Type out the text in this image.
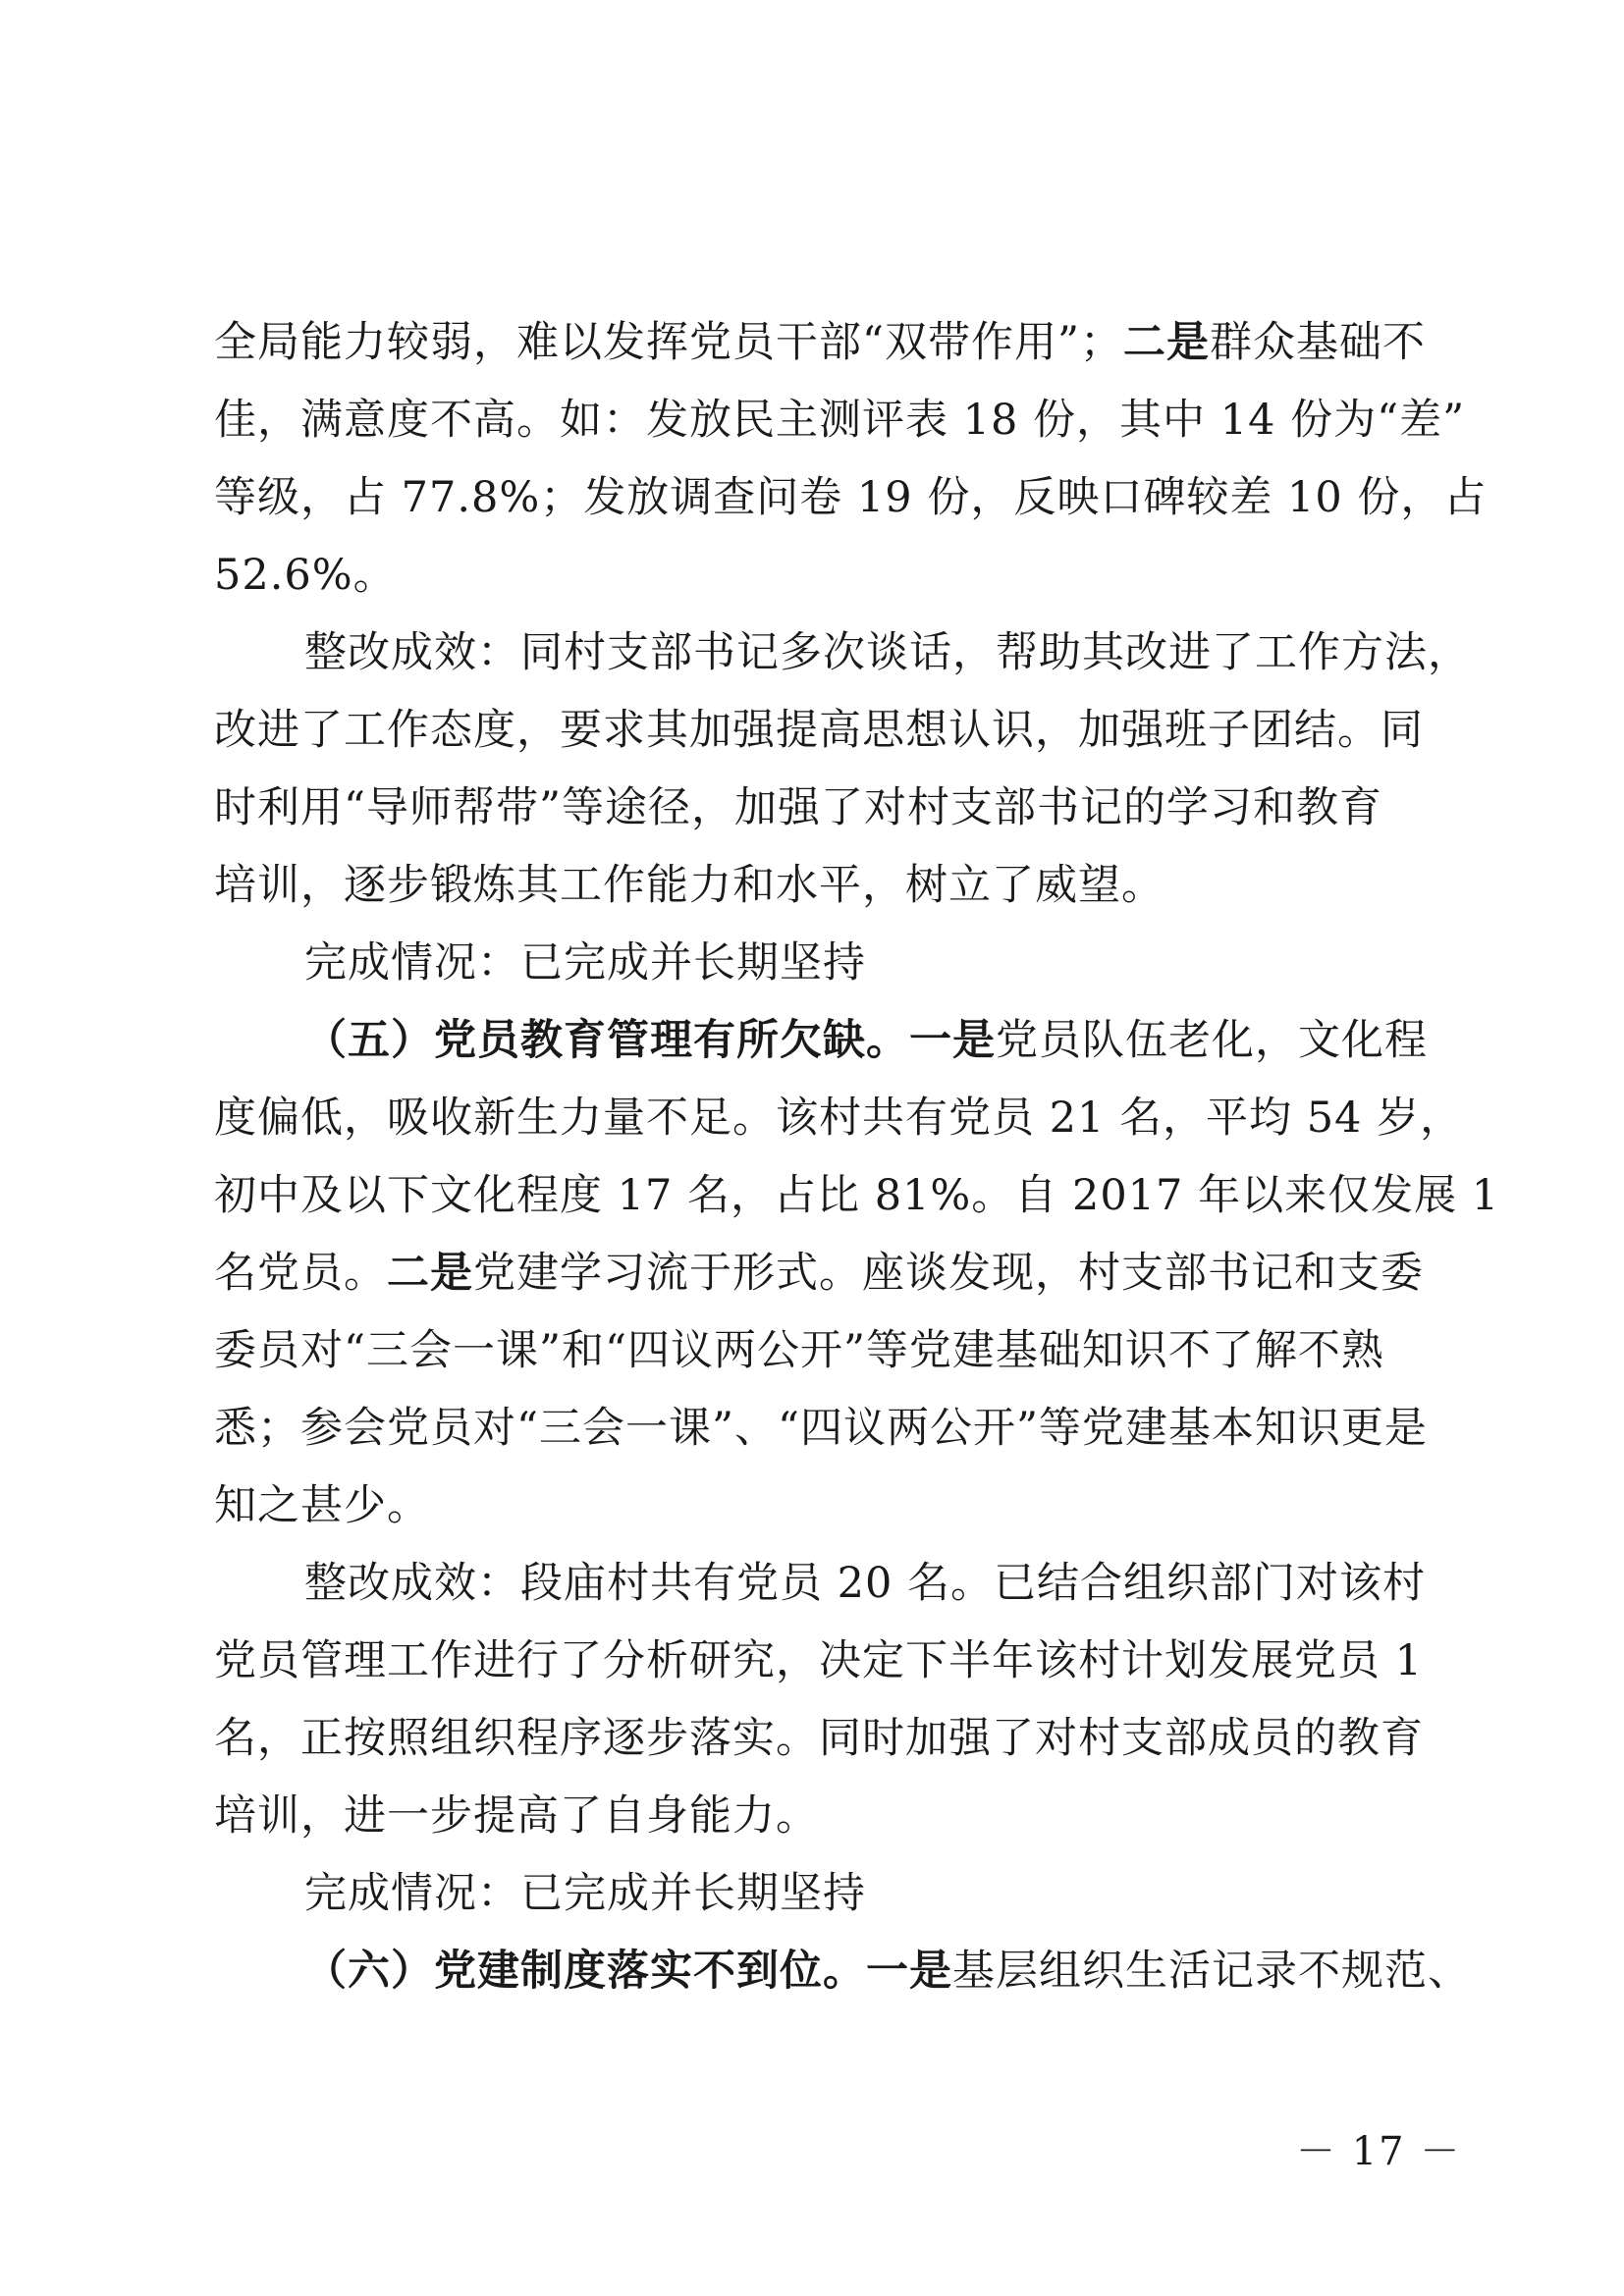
全局能力较弱，难以发挥党员干部“双带作用”；二是群众基础不
佳，满意度不高。如：发放民主测评表 18 份，其中 14 份为“差”
等级，占 77.8%；发放调查问卷 19 份，反映口碑较差 10 份，占
52.6%。
整改成效：同村支部书记多次谈话，帮助其改进了工作方法，
改进了工作态度，要求其加强提高思想认识，加强班子团结。同
时利用“导师帮带”等途径，加强了对村支部书记的学习和教育
培训，逐步锻炼其工作能力和水平，树立了威望。
完成情况：已完成并长期坚持
（五）党员教育管理有所欠缺。一是党员队伍老化，文化程
度偏低，吸收新生力量不足。该村共有党员 21 名，平均 54 岁，
初中及以下文化程度 17 名，占比 81%。自 2017 年以来仅发展 1
名党员。二是党建学习流于形式。座谈发现，村支部书记和支委
委员对“三会一课”和“四议两公开”等党建基础知识不了解不熟
悉；参会党员对“三会一课”、“四议两公开”等党建基本知识更是
知之甚少。
整改成效：段庙村共有党员 20 名。已结合组织部门对该村
党员管理工作进行了分析研究，决定下半年该村计划发展党员 1
名，正按照组织程序逐步落实。同时加强了对村支部成员的教育
培训，进一步提高了自身能力。
完成情况：已完成并长期坚持
（六）党建制度落实不到位。一是基层组织生活记录不规范、
－ 17 －
